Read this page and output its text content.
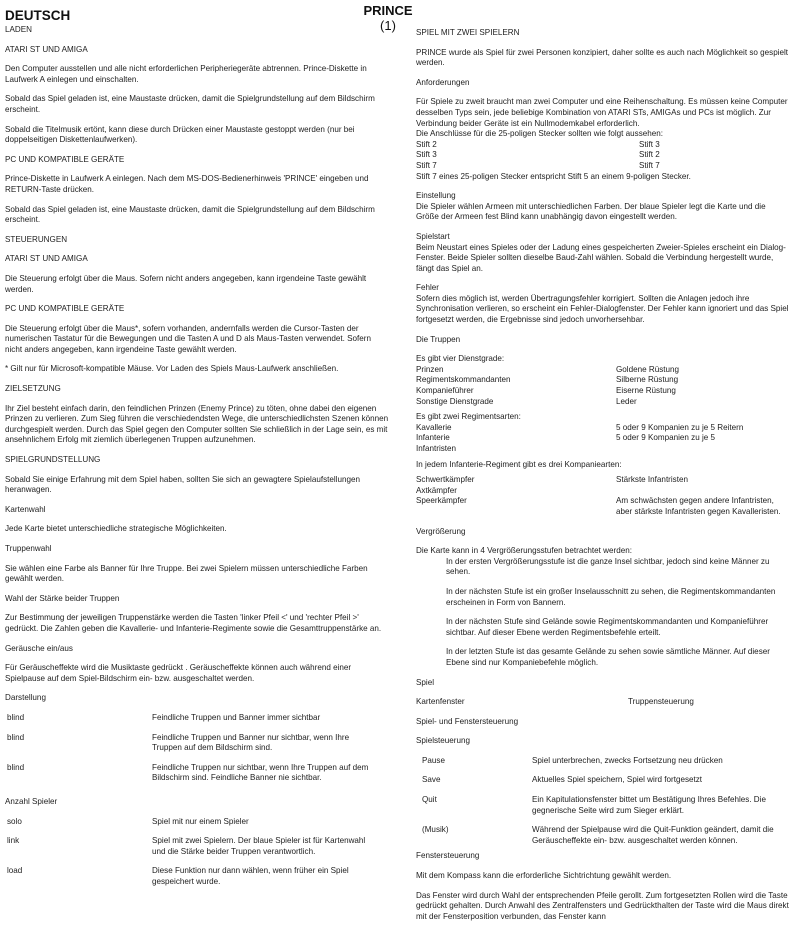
PRINCE
(1)
DEUTSCH
LADEN
ATARI ST UND AMIGA
Den Computer ausstellen und alle nicht erforderlichen Peripheriegeräte abtrennen. Prince-Diskette in Laufwerk A einlegen und einschalten.
Sobald das Spiel geladen ist, eine Maustaste drücken, damit die Spielgrundstellung auf dem Bildschirm erscheint.
Sobald die Titelmusik ertönt, kann diese durch Drücken einer Maustaste gestoppt werden (nur bei doppelseitigen Diskettenlaufwerken).
PC UND KOMPATIBLE GERÄTE
Prince-Diskette in Laufwerk A einlegen. Nach dem MS-DOS-Bedienerhinweis 'PRINCE' eingeben und RETURN-Taste drücken.
Sobald das Spiel geladen ist, eine Maustaste drücken, damit die Spielgrundstellung auf dem Bildschirm erscheint.
STEUERUNGEN
ATARI ST UND AMIGA
Die Steuerung erfolgt über die Maus. Sofern nicht anders angegeben, kann irgendeine Taste gewählt werden.
PC UND KOMPATIBLE GERÄTE
Die Steuerung erfolgt über die Maus*, sofern vorhanden, andernfalls werden die Cursor-Tasten der numerischen Tastatur für die Bewegungen und die Tasten A und D als Maus-Tasten verwendet. Sofern nicht anders angegeben, kann irgendeine Taste gewählt werden.
* Gilt nur für Microsoft-kompatible Mäuse. Vor Laden des Spiels Maus-Laufwerk anschließen.
ZIELSETZUNG
Ihr Ziel besteht einfach darin, den feindlichen Prinzen (Enemy Prince) zu töten, ohne dabei den eigenen Prinzen zu verlieren. Zum Sieg führen die verschiedendsten Wege, die unterschiedlichsten Szenen können durchgespielt werden. Durch das Spiel gegen den Computer sollten Sie schließlich in der Lage sein, es mit ansehnlichem Erfolg mit ziemlich überlegenen Truppen aufzunehmen.
SPIELGRUNDSTELLUNG
Sobald Sie einige Erfahrung mit dem Spiel haben, sollten Sie sich an gewagtere Spielaufstellungen heranwagen.
Kartenwahl
Jede Karte bietet unterschiedliche strategische Möglichkeiten.
Truppenwahl
Sie wählen eine Farbe als Banner für Ihre Truppe. Bei zwei Spielern müssen unterschiedliche Farben gewählt werden.
Wahl der Stärke beider Truppen
Zur Bestimmung der jeweiligen Truppenstärke werden die Tasten 'linker Pfeil <' und 'rechter Pfeil >' gedrückt. Die Zahlen geben die Kavallerie- und Infanterie-Regimente sowie die Gesamttruppenstärke an.
Geräusche ein/aus
Für Geräuscheffekte wird die Musiktaste gedrückt . Geräuscheffekte können auch während einer Spielpause auf dem Spiel-Bildschirm ein- bzw. ausgeschaltet werden.
Darstellung
blind	Feindliche Truppen und Banner immer sichtbar
blind	Feindliche Truppen und Banner nur sichtbar, wenn Ihre Truppen auf dem Bildschirm sind.
blind	Feindliche Truppen nur sichtbar, wenn Ihre Truppen auf dem Bildschirm sind. Feindliche Banner nie sichtbar.
Anzahl Spieler
solo	Spiel mit nur einem Spieler
link	Spiel mit zwei Spielern. Der blaue Spieler ist für Kartenwahl und die Stärke beider Truppen verantwortlich.
load	Diese Funktion nur dann wählen, wenn früher ein Spiel gespeichert wurde.
SPIEL MIT ZWEI SPIELERN
PRINCE wurde als Spiel für zwei Personen konzipiert, daher sollte es auch nach Möglichkeit so gespielt werden.
Anforderungen
Für Spiele zu zweit braucht man zwei Computer und eine Reihenschaltung. Es müssen keine Computer desselben Typs sein, jede beliebige Kombination von ATARI STs, AMIGAs und PCs ist möglich. Zur Verbindung beider Geräte ist ein Nullmodemkabel erforderlich.
Die Anschlüsse für die 25-poligen Stecker sollten wie folgt aussehen:
Stift 2	Stift 3
Stift 3	Stift 2
Stift 7	Stift 7
Stift 7 eines 25-poligen Stecker entspricht Stift 5 an einem 9-poligen Stecker.
Einstellung
Die Spieler wählen Armeen mit unterschiedlichen Farben. Der blaue Spieler legt die Karte und die Größe der Armeen fest Blind kann unabhängig davon eingestellt werden.
Spielstart
Beim Neustart eines Spieles oder der Ladung eines gespeicherten Zweier-Spieles erscheint ein Dialog-Fenster. Beide Spieler sollten dieselbe Baud-Zahl wählen. Sobald die Verbindung hergestellt wurde, fängt das Spiel an.
Fehler
Sofern dies möglich ist, werden Übertragungsfehler korrigiert. Sollten die Anlagen jedoch ihre Synchronisation verlieren, so erscheint ein Fehler-Dialogfenster. Der Fehler kann ignoriert und das Spiel fortgesetzt werden, die Ergebnisse sind jedoch unvorhersehbar.
Die Truppen
Es gibt vier Dienstgrade:
Prinzen	Goldene Rüstung
Regimentskommandanten	Silberne Rüstung
Kompanieführer	Eiserne Rüstung
Sonstige Dienstgrade	Leder
Es gibt zwei Regimentsarten:
Kavallerie	5 oder 9 Kompanien zu je 5 Reitern
Infanterie	5 oder 9 Kompanien zu je 5
Infantristen
In jedem Infanterie-Regiment gibt es drei Kompaniearten:
Schwertkämpfer	Stärkste Infantristen
Axtkämpfer
Speerkämpfer	Am schwächsten gegen andere Infantristen, aber stärkste Infantristen gegen Kavalleristen.
Vergrößerung
Die Karte kann in 4 Vergrößerungsstufen betrachtet werden:
In der ersten Vergrößerungsstufe ist die ganze Insel sichtbar, jedoch sind keine Männer zu sehen.
In der nächsten Stufe ist ein großer Inselausschnitt zu sehen, die Regimentskommandanten erscheinen in Form von Bannern.
In der nächsten Stufe sind Gelände sowie Regimentskommandanten und Kompanieführer sichtbar. Auf dieser Ebene werden Regimentsbefehle erteilt.
In der letzten Stufe ist das gesamte Gelände zu sehen sowie sämtliche Männer. Auf dieser Ebene sind nur Kompaniebefehle möglich.
Spiel
Kartenfenster	Truppensteuerung
Spiel- und Fenstersteuerung
Spielsteuerung
Pause	Spiel unterbrechen, zwecks Fortsetzung neu drücken
Save	Aktuelles Spiel speichern, Spiel wird fortgesetzt
Quit	Ein Kapitulationsfenster bittet um Bestätigung Ihres Befehles. Die gegnerische Seite wird zum Sieger erklärt.
(Musik)	Während der Spielpause wird die Quit-Funktion geändert, damit die Geräuscheffekte ein- bzw. ausgeschaltet werden können.
Fenstersteuerung
Mit dem Kompass kann die erforderliche Sichtrichtung gewählt werden.
Das Fenster wird durch Wahl der entsprechenden Pfeile gerollt. Zum fortgesetzten Rollen wird die Taste gedrückt gehalten. Durch Anwahl des Zentralfensters und Gedrückthalten der Taste wird die Maus direkt mit der Fensterposition verbunden, das Fenster kann
